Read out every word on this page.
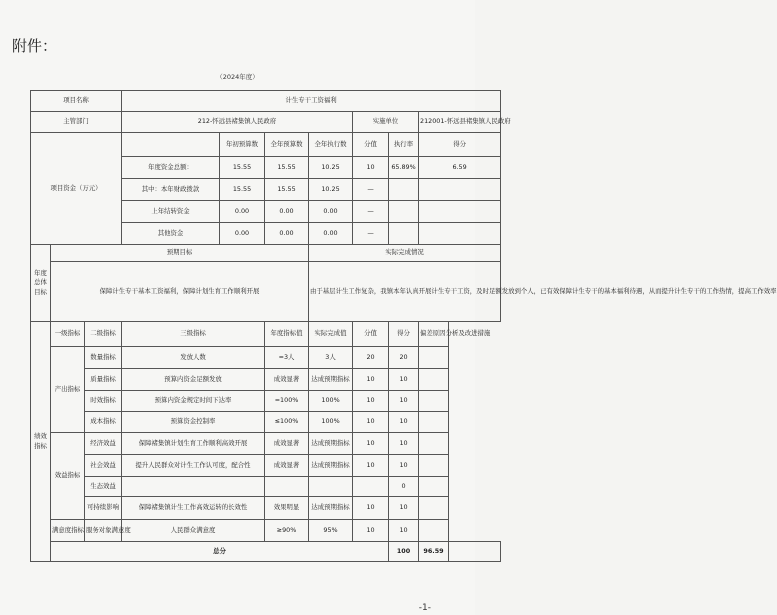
附件：
（2024年度）
项目名称			计生专干工资福利							
主管部门			212-怀远县褚集镇人民政府				实施单位		212001-怀远县褚集镇人民政府	
项目资金（万元）				年初预算数	全年预算数	全年执行数	分值	执行率	得分	
			年度资金总额：	15.55	15.55	10.25	10	65.89%	6.59	
			其中：本年财政拨款	15.55	15.55	10.25	—			
			上年结转资金	0.00	0.00	0.00	—			
			其他资金	0.00	0.00	0.00	—			
年度总体目标	预期目标					实际完成情况				
	保障计生专干基本工资福利，保障计划生育工作顺利开展					由于基层计生工作复杂，我镇本年认真开展计生专干工资，及时足额发放到个人，已有效保障计生专干的基本福利待遇，从而提升计生专干的工作热情，提高工作效率				
绩效指标	一级指标	二级指标	三级指标		年度指标值	实际完成值	分值	得分	偏差原因分析及改进措施	
	产出指标	数量指标	发放人数		=3人	3人	20	20		
		质量指标	预算内资金足额发放		成效显著	达成预期指标	10	10		
		时效指标	预算内资金规定时间下达率		=100%	100%	10	10		
		成本指标	预算资金控制率		≤100%	100%	10	10		
	效益指标	经济效益	保障褚集镇计划生育工作顺利高效开展		成效显著	达成预期指标	10	10		
		社会效益	提升人民群众对计生工作认可度，配合性		成效显著	达成预期指标	10	10		
		生态效益						0		
		可持续影响	保障褚集镇计生工作高效运转的长效性		效果明显	达成预期指标	10	10		
	满意度指标	服务对象满意度	人民群众满意度		≥90%	95%	10	10		
	总分							100	96.59	
-1-
